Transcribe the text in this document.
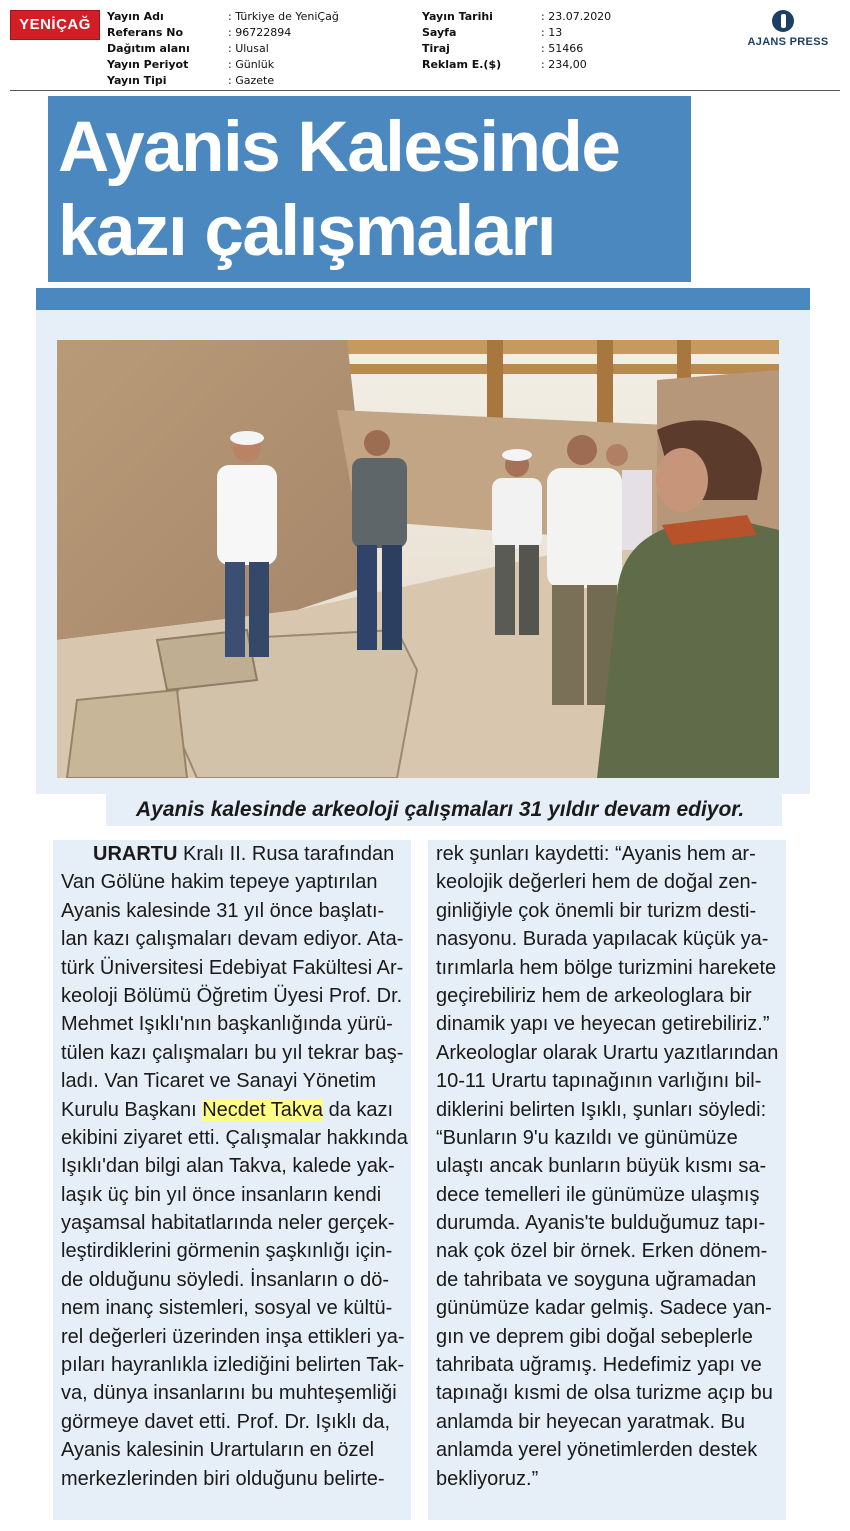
YENİÇAĞ	Yayın Adı
Referans No
Dağıtım alanı
Yayın Periyot
Yayın Tipi
: Türkiye de YeniÇağ
: 96722894
: Ulusal
: Günlük
: Gazete
Yayın Tarihi
Sayfa
Tiraj
Reklam E.($)
: 23.07.2020
: 13
: 51466
: 234,00
AJANS PRESS
Ayanis Kalesinde
kazı çalışmaları
Ayanis kalesinde arkeoloji çalışmaları 31 yıldır devam ediyor.
URARTU Kralı II. Rusa tarafından
Van Gölüne hakim tepeye yaptırılan
Ayanis kalesinde 31 yıl önce başlatı-
lan kazı çalışmaları devam ediyor. Ata-
türk Üniversitesi Edebiyat Fakültesi Ar-
keoloji Bölümü Öğretim Üyesi Prof. Dr.
Mehmet Işıklı'nın başkanlığında yürü-
tülen kazı çalışmaları bu yıl tekrar baş-
ladı. Van Ticaret ve Sanayi Yönetim
Kurulu Başkanı Necdet Takva da kazı
ekibini ziyaret etti. Çalışmalar hakkında
Işıklı'dan bilgi alan Takva, kalede yak-
laşık üç bin yıl önce insanların kendi
yaşamsal habitatlarında neler gerçek-
leştirdiklerini görmenin şaşkınlığı için-
de olduğunu söyledi. İnsanların o dö-
nem inanç sistemleri, sosyal ve kültü-
rel değerleri üzerinden inşa ettikleri ya-
pıları hayranlıkla izlediğini belirten Tak-
va, dünya insanlarını bu muhteşemliği
görmeye davet etti. Prof. Dr. Işıklı da,
Ayanis kalesinin Urartuların en özel
merkezlerinden biri olduğunu belirte-
rek şunları kaydetti: “Ayanis hem ar-
keolojik değerleri hem de doğal zen-
ginliğiyle çok önemli bir turizm desti-
nasyonu. Burada yapılacak küçük ya-
tırımlarla hem bölge turizmini harekete
geçirebiliriz hem de arkeologlara bir
dinamik yapı ve heyecan getirebiliriz.”
Arkeologlar olarak Urartu yazıtlarından
10-11 Urartu tapınağının varlığını bil-
diklerini belirten Işıklı, şunları söyledi:
“Bunların 9'u kazıldı ve günümüze
ulaştı ancak bunların büyük kısmı sa-
dece temelleri ile günümüze ulaşmış
durumda. Ayanis'te bulduğumuz tapı-
nak çok özel bir örnek. Erken dönem-
de tahribata ve soyguna uğramadan
günümüze kadar gelmiş. Sadece yan-
gın ve deprem gibi doğal sebeplerle
tahribata uğramış. Hedefimiz yapı ve
tapınağı kısmi de olsa turizme açıp bu
anlamda bir heyecan yaratmak. Bu
anlamda yerel yönetimlerden destek
bekliyoruz.”
